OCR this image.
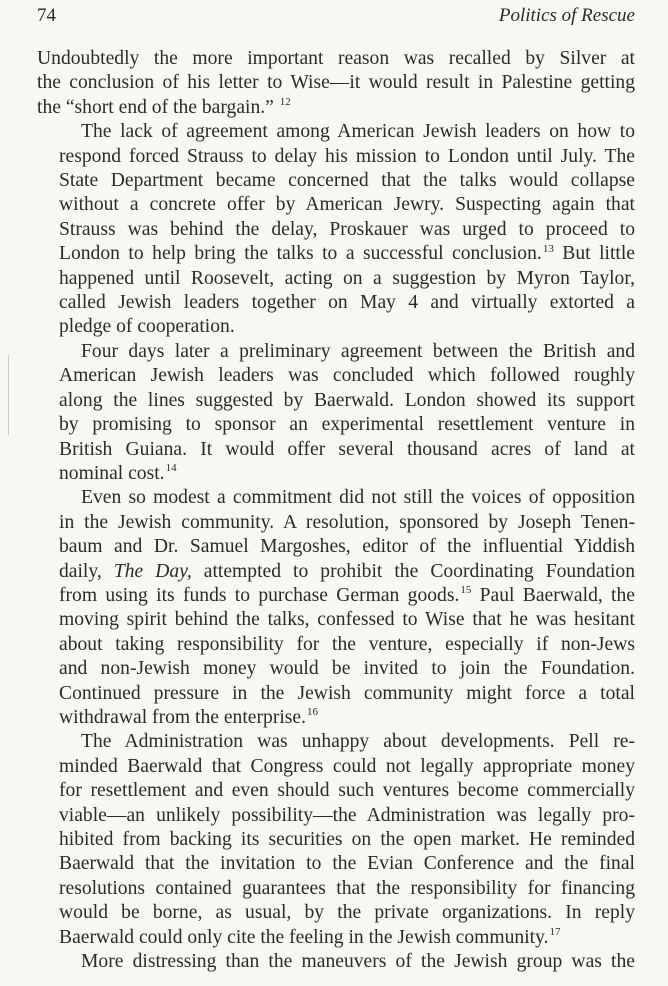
74	Politics of Rescue

Undoubtedly the more important reason was recalled by Silver at
the conclusion of his letter to Wise—it would result in Palestine getting
the “short end of the bargain.” $^{12}$

The lack of agreement among American Jewish leaders on how to
respond forced Strauss to delay his mission to London until July. The
State Department became concerned that the talks would collapse
without a concrete offer by American Jewry. Suspecting again that
Strauss was behind the delay, Proskauer was urged to proceed to
London to help bring the talks to a successful conclusion.$^{13}$ But little
happened until Roosevelt, acting on a suggestion by Myron Taylor,
called Jewish leaders together on May 4 and virtually extorted a
pledge of cooperation.

Four days later a preliminary agreement between the British and
American Jewish leaders was concluded which followed roughly
along the lines suggested by Baerwald. London showed its support
by promising to sponsor an experimental resettlement venture in
British Guiana. It would offer several thousand acres of land at
nominal cost.$^{14}$

Even so modest a commitment did not still the voices of opposition
in the Jewish community. A resolution, sponsored by Joseph Tenen-
baum and Dr. Samuel Margoshes, editor of the influential Yiddish
daily, The Day, attempted to prohibit the Coordinating Foundation
from using its funds to purchase German goods.$^{15}$ Paul Baerwald, the
moving spirit behind the talks, confessed to Wise that he was hesitant
about taking responsibility for the venture, especially if non-Jews
and non-Jewish money would be invited to join the Foundation.
Continued pressure in the Jewish community might force a total
withdrawal from the enterprise.$^{16}$

The Administration was unhappy about developments. Pell re-
minded Baerwald that Congress could not legally appropriate money
for resettlement and even should such ventures become commercially
viable—an unlikely possibility—the Administration was legally pro-
hibited from backing its securities on the open market. He reminded
Baerwald that the invitation to the Evian Conference and the final
resolutions contained guarantees that the responsibility for financing
would be borne, as usual, by the private organizations. In reply
Baerwald could only cite the feeling in the Jewish community.$^{17}$

More distressing than the maneuvers of the Jewish group was the
